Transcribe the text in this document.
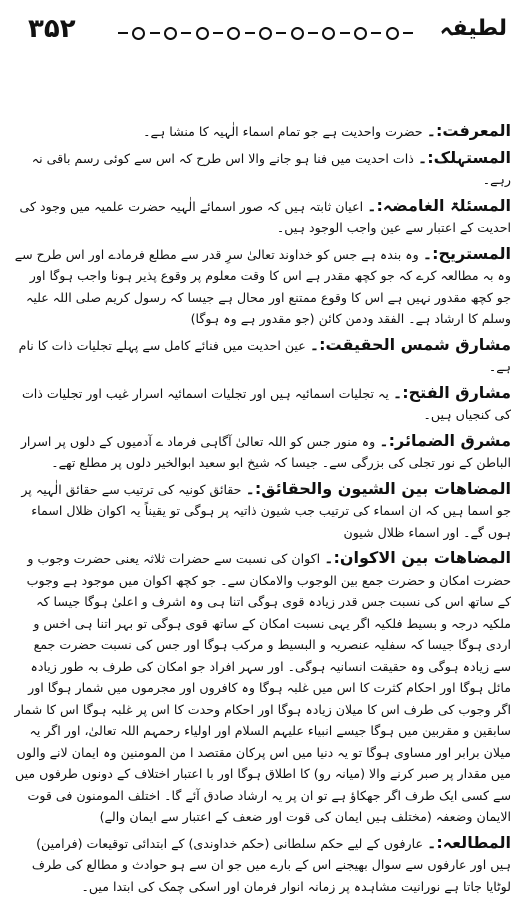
۳۵۲	لطیفہ

المعرفت:۔ حضرت واحدیت ہے جو تمام اسماء الٰہیہ کا منشا ہے۔

المستہلک:۔ ذات احدیت میں فنا ہو جانے والا اس طرح کہ اس سے کوئی رسم باقی نہ رہے۔

المسئلۃ الغامضہ:۔ اعیان ثابتہ ہیں کہ صور اسمائے الٰہیہ حضرت علمیہ میں وجود کی احدیت کے اعتبار سے عین واجب الوجود ہیں۔

المستریح:۔ وہ بندہ ہے جس کو خداوند تعالیٰ سرِ قدر سے مطلع فرمادے اور اس طرح سے وہ بہ مطالعہ کرے کہ جو کچھ مقدر ہے اس کا وقت معلوم پر وقوع پذیر ہونا واجب ہوگا اور جو کچھ مقدور نہیں ہے اس کا وقوع ممتنع اور محال ہے جیسا کہ رسول کریم صلی اللہ علیہ وسلم کا ارشاد ہے۔ الفقد ودمن کائن (جو مقدور ہے وہ ہوگا)

مشارق شمس الحقیقت:۔ عین احدیت میں فنائے کامل سے پہلے تجلیات ذات کا نام ہے۔

مشارق الفتح:۔ یہ تجلیات اسمائیہ ہیں اور تجلیات اسمائیہ اسرار غیب اور تجلیات ذات کی کنجیاں ہیں۔

مشرق الضمائر:۔ وہ منور جس کو اللہ تعالیٰ آگاہی فرماد ے آدمیوں کے دلوں پر اسرار الباطن کے نور تجلی کی بزرگی سے۔ جیسا کہ شیخ ابو سعید ابوالخیر دلوں پر مطلع تھے۔

المضاهات بین الشیون والحقائق:۔ حقائق کونیہ کی ترتیب سے حقائق الٰہیہ پر جو اسما ہیں کہ ان اسماء کی ترتیب جب شیون ذاتیہ پر ہوگی تو یقیناً یہ اکوان ظلال اسماء ہوں گے۔ اور اسماء ظلال شیون

المضاهات بین الاکوان:۔ اکوان کی نسبت سے حضرات ثلاثہ یعنی حضرت وجوب و حضرت امکان و حضرت جمع بین الوجوب والامکان سے۔ جو کچھ اکوان میں موجود ہے وجوب کے ساتھ اس کی نسبت جس قدر زیادہ قوی ہوگی اتنا ہی وہ اشرف و اعلیٰ ہوگا جیسا کہ ملکیہ درجہ و بسیط فلکیہ اگر یہی نسبت امکان کے ساتھ قوی ہوگی تو بہر اتنا ہی اخس و اردی ہوگا جیسا کہ سفلیہ عنصریہ و البسیط و مرکب ہوگا اور جس کی نسبت حضرت جمع سے زیادہ ہوگی وہ حقیقت انسانیہ ہوگی۔ اور سہر افراد جو امکان کی طرف بہ طور زیادہ مائل ہوگا اور احکام کثرت کا اس میں غلبہ ہوگا وہ کافروں اور مجرموں میں شمار ہوگا اور اگر وجوب کی طرف اس کا میلان زیادہ ہوگا اور احکام وحدت کا اس پر غلبہ ہوگا اس کا شمار سابقین و مقربین میں ہوگا جیسے انبیاء علیہم السلام اور اولیاء رحمہم اللہ تعالیٰ، اور اگر یہ میلان برابر اور مساوی ہوگا تو یہ دنیا میں اس پرکان مقتصد ا من المومنین وہ ایمان لانے والوں میں مقدار پر صبر کرنے والا (میانہ رو) کا اطلاق ہوگا اور با اعتبار اختلاف کے دونوں طرفوں میں سے کسی ایک طرف اگر جھکاؤ ہے تو ان پر یہ ارشاد صادق آئے گا۔ اختلف المومنون فی قوت الایمان وضعفہ (مختلف ہیں ایمان کی قوت اور ضعف کے اعتبار سے ایمان والے)

المطالعہ:۔ عارفوں کے لیے حکم سلطانی (حکم خداوندی) کے ابتدائی توقیعات (فرامین) ہیں اور عارفوں سے سوال بھیجنے اس کے بارے میں جو ان سے ہو حوادث و مطالع کی طرف لوٹایا جاتا ہے نورانیت مشاہدہ پر زمانہ انوار فرمان اور اسکی چمک کی ابتدا میں۔
